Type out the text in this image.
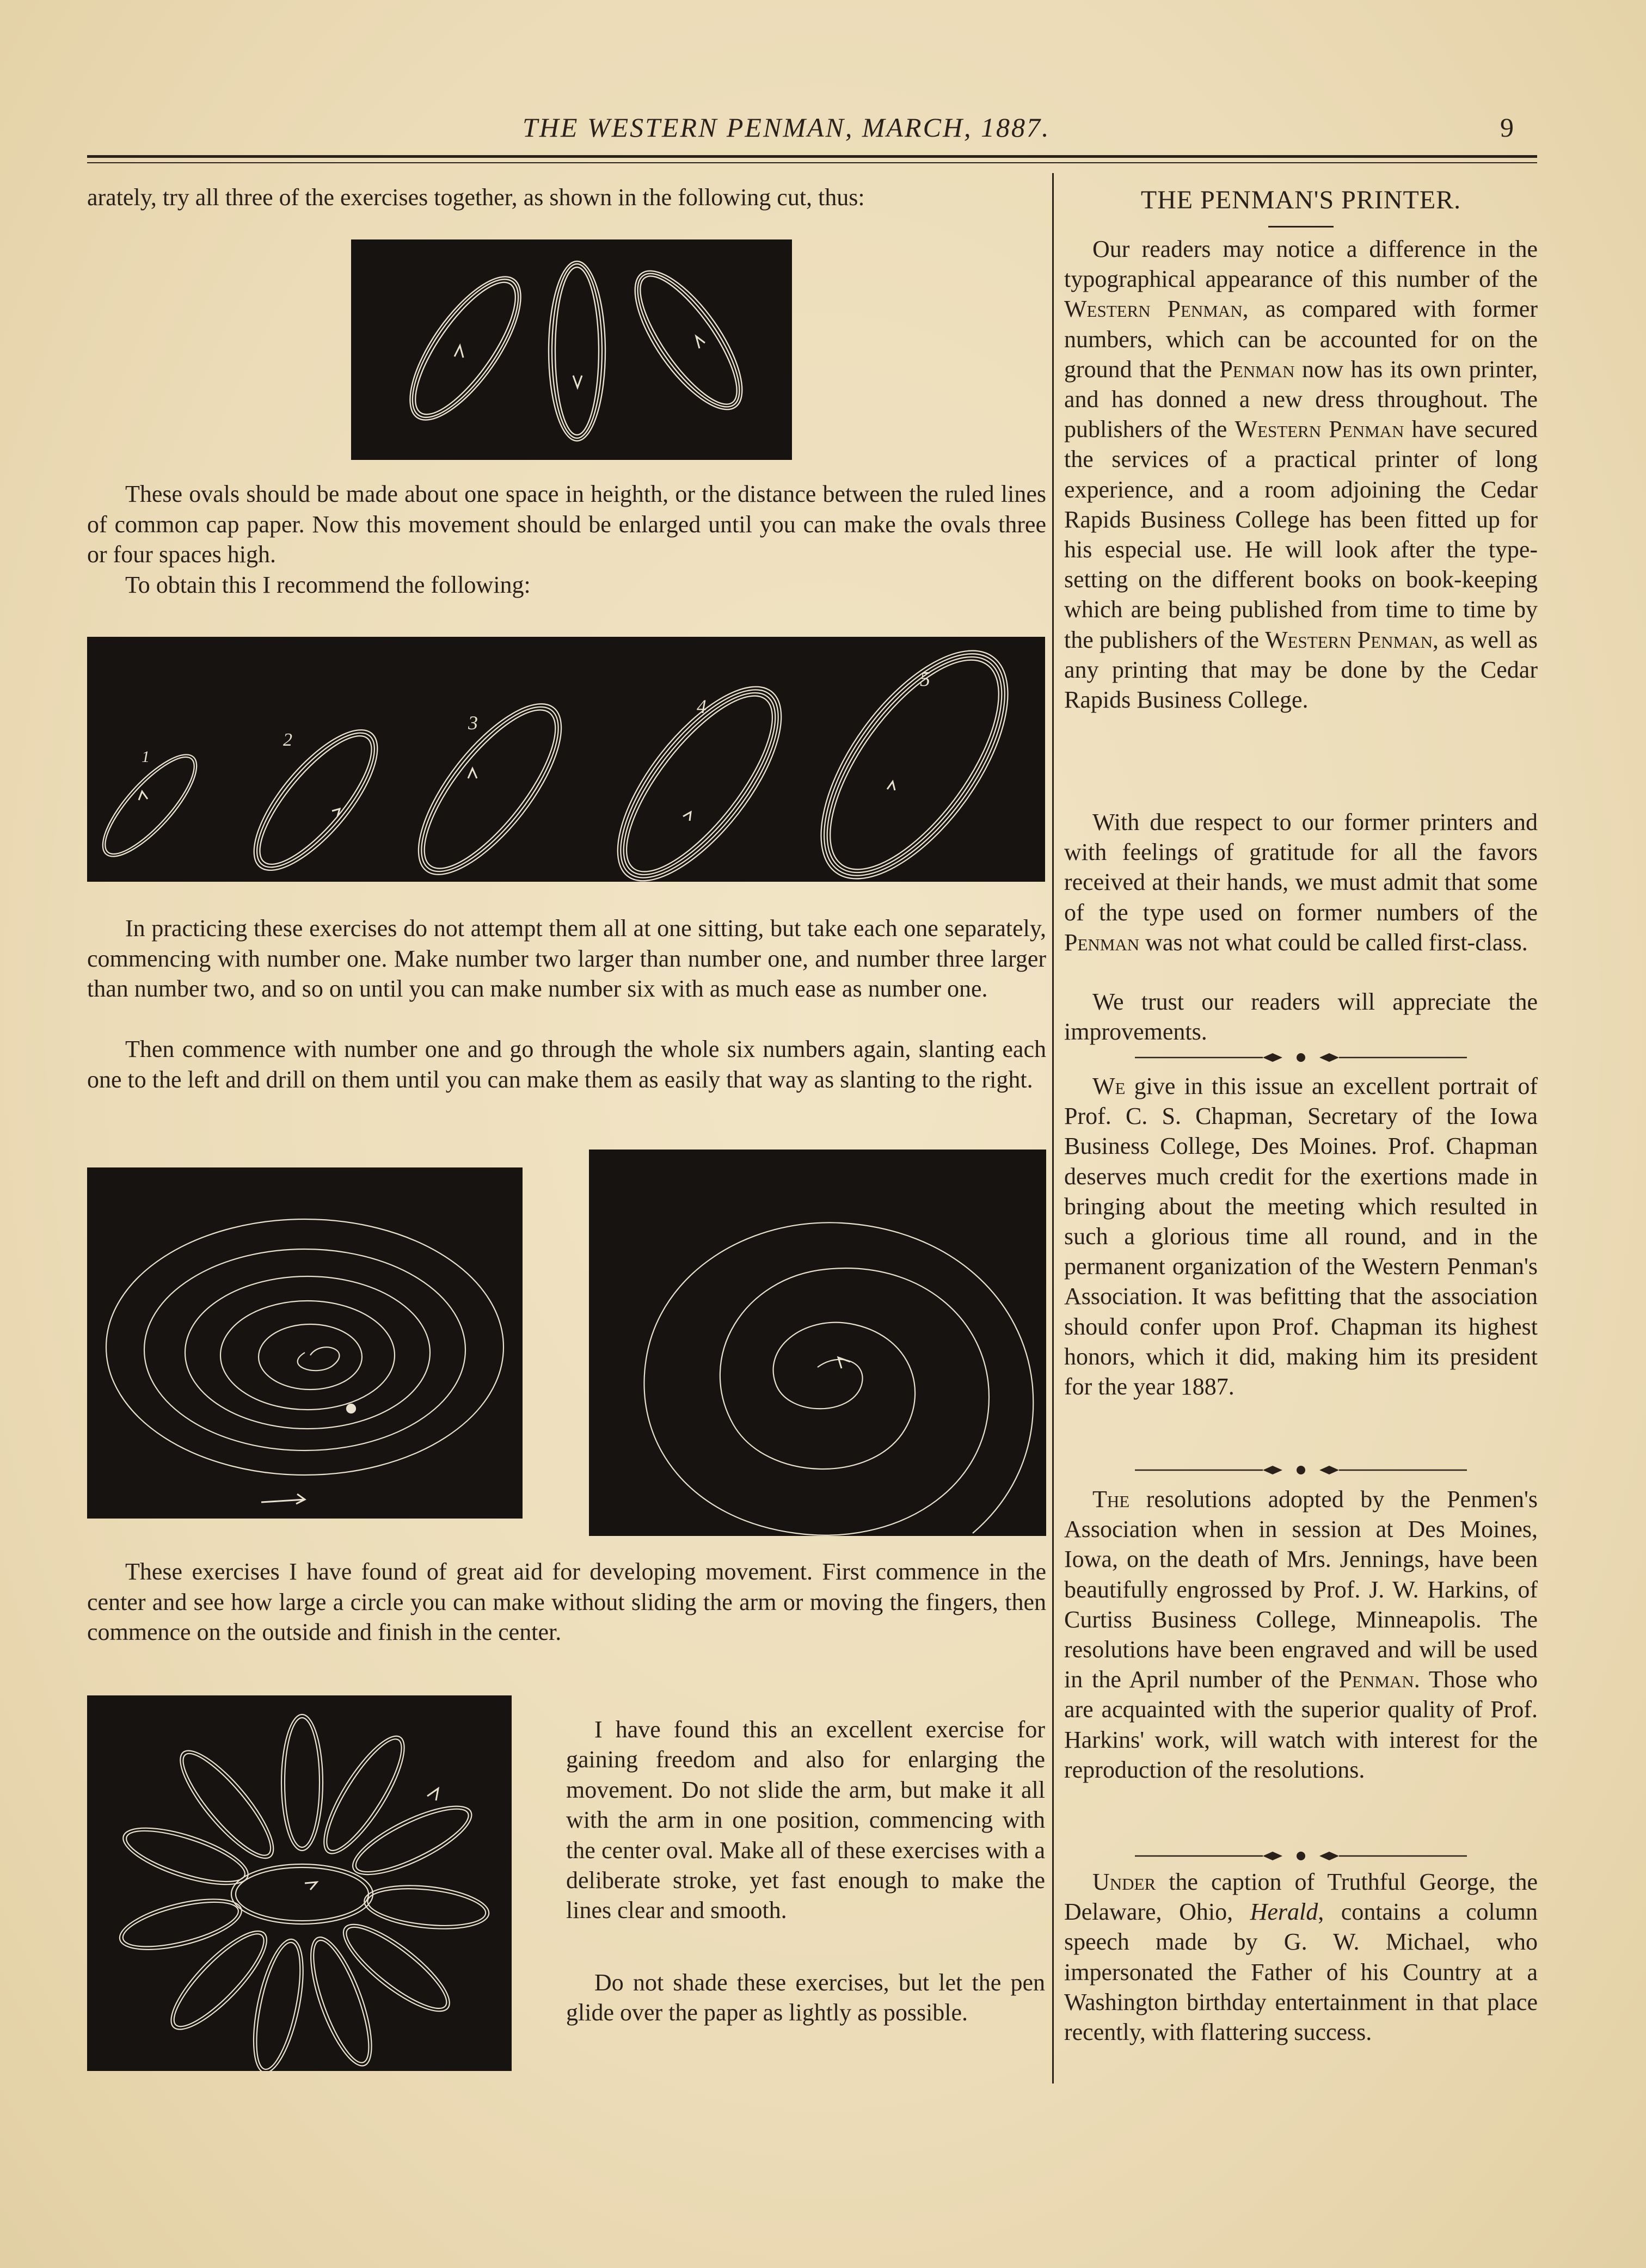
THE WESTERN PENMAN, MARCH, 1887.	9
arately, try all three of the exercises together, as shown in the following cut, thus:
These ovals should be made about one space in heighth, or the distance between the ruled lines of common cap paper. Now this movement should be enlarged until you can make the ovals three or four spaces high.
To obtain this I recommend the following:
1
2
3
4
5
In practicing these exercises do not attempt them all at one sitting, but take each one separately, commencing with number one. Make number two larger than number one, and number three larger than number two, and so on until you can make number six with as much ease as number one.
Then commence with number one and go through the whole six numbers again, slanting each one to the left and drill on them until you can make them as easily that way as slanting to the right.
These exercises I have found of great aid for developing movement. First commence in the center and see how large a circle you can make without sliding the arm or moving the fingers, then commence on the outside and finish in the center.
I have found this an excellent exercise for gaining freedom and also for enlarging the movement. Do not slide the arm, but make it all with the arm in one position, commencing with the center oval. Make all of these exercises with a deliberate stroke, yet fast enough to make the lines clear and smooth.
Do not shade these exercises, but let the pen glide over the paper as lightly as possible.
THE PENMAN'S PRINTER.
Our readers may notice a difference in the typographical appearance of this number of the Western Penman, as compared with former numbers, which can be accounted for on the ground that the Penman now has its own printer, and has donned a new dress throughout. The publishers of the Western Penman have secured the services of a practical printer of long experience, and a room adjoining the Cedar Rapids Business College has been fitted up for his especial use. He will look after the type-setting on the different books on book-keeping which are being published from time to time by the publishers of the Western Penman, as well as any printing that may be done by the Cedar Rapids Business College.
With due respect to our former printers and with feelings of gratitude for all the favors received at their hands, we must admit that some of the type used on former numbers of the Penman was not what could be called first-class.
We trust our readers will appreciate the improvements.
We give in this issue an excellent portrait of Prof. C. S. Chapman, Secretary of the Iowa Business College, Des Moines. Prof. Chapman deserves much credit for the exertions made in bringing about the meeting which resulted in such a glorious time all round, and in the permanent organization of the Western Penman's Association. It was befitting that the association should confer upon Prof. Chapman its highest honors, which it did, making him its president for the year 1887.
The resolutions adopted by the Penmen's Association when in session at Des Moines, Iowa, on the death of Mrs. Jennings, have been beautifully engrossed by Prof. J. W. Harkins, of Curtiss Business College, Minneapolis. The resolutions have been engraved and will be used in the April number of the Penman. Those who are acquainted with the superior quality of Prof. Harkins' work, will watch with interest for the reproduction of the resolutions.
Under the caption of Truthful George, the Delaware, Ohio, Herald, contains a column speech made by G. W. Michael, who impersonated the Father of his Country at a Washington birthday entertainment in that place recently, with flattering success.
